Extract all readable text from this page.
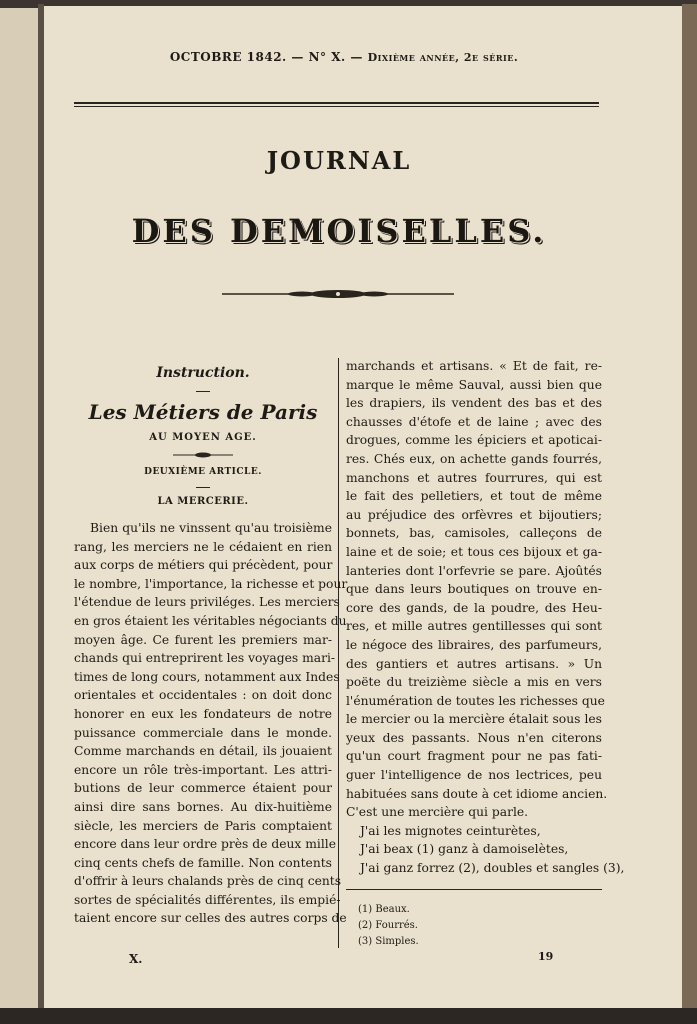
OCTOBRE 1842. — N° X. — Dixième année, 2e série.
JOURNAL
DES DEMOISELLES.
Instruction.
Les Métiers de Paris
AU MOYEN AGE.
DEUXIÈME ARTICLE.
LA MERCERIE.
Bien qu'ils ne vinssent qu'au troisième
rang, les merciers ne le cédaient en rien
aux corps de métiers qui précèdent, pour
le nombre, l'importance, la richesse et pour
l'étendue de leurs priviléges. Les merciers
en gros étaient les véritables négociants du
moyen âge. Ce furent les premiers mar-
chands qui entreprirent les voyages mari-
times de long cours, notamment aux Indes
orientales et occidentales : on doit donc
honorer en eux les fondateurs de notre
puissance commerciale dans le monde.
Comme marchands en détail, ils jouaient
encore un rôle très-important. Les attri-
butions de leur commerce étaient pour
ainsi dire sans bornes. Au dix-huitième
siècle, les merciers de Paris comptaient
encore dans leur ordre près de deux mille
cinq cents chefs de famille. Non contents
d'offrir à leurs chalands près de cinq cents
sortes de spécialités différentes, ils empié-
taient encore sur celles des autres corps de
marchands et artisans. « Et de fait, re-
marque le même Sauval, aussi bien que
les drapiers, ils vendent des bas et des
chausses d'étofe et de laine ; avec des
drogues, comme les épiciers et apoticai-
res. Chés eux, on achette gands fourrés,
manchons et autres fourrures, qui est
le fait des pelletiers, et tout de même
au préjudice des orfèvres et bijoutiers;
bonnets, bas, camisoles, calleçons de
laine et de soie; et tous ces bijoux et ga-
lanteries dont l'orfevrie se pare. Ajoûtés
que dans leurs boutiques on trouve en-
core des gands, de la poudre, des Heu-
res, et mille autres gentillesses qui sont
le négoce des libraires, des parfumeurs,
des gantiers et autres artisans. » Un
poëte du treizième siècle a mis en vers
l'énumération de toutes les richesses que
le mercier ou la mercière étalait sous les
yeux des passants. Nous n'en citerons
qu'un court fragment pour ne pas fati-
guer l'intelligence de nos lectrices, peu
habituées sans doute à cet idiome ancien.
C'est une mercière qui parle.
J'ai les mignotes ceinturètes,
J'ai beax (1) ganz à damoiselètes,
J'ai ganz forrez (2), doubles et sangles (3),
(1) Beaux.
(2) Fourrés.
(3) Simples.
X.	19
